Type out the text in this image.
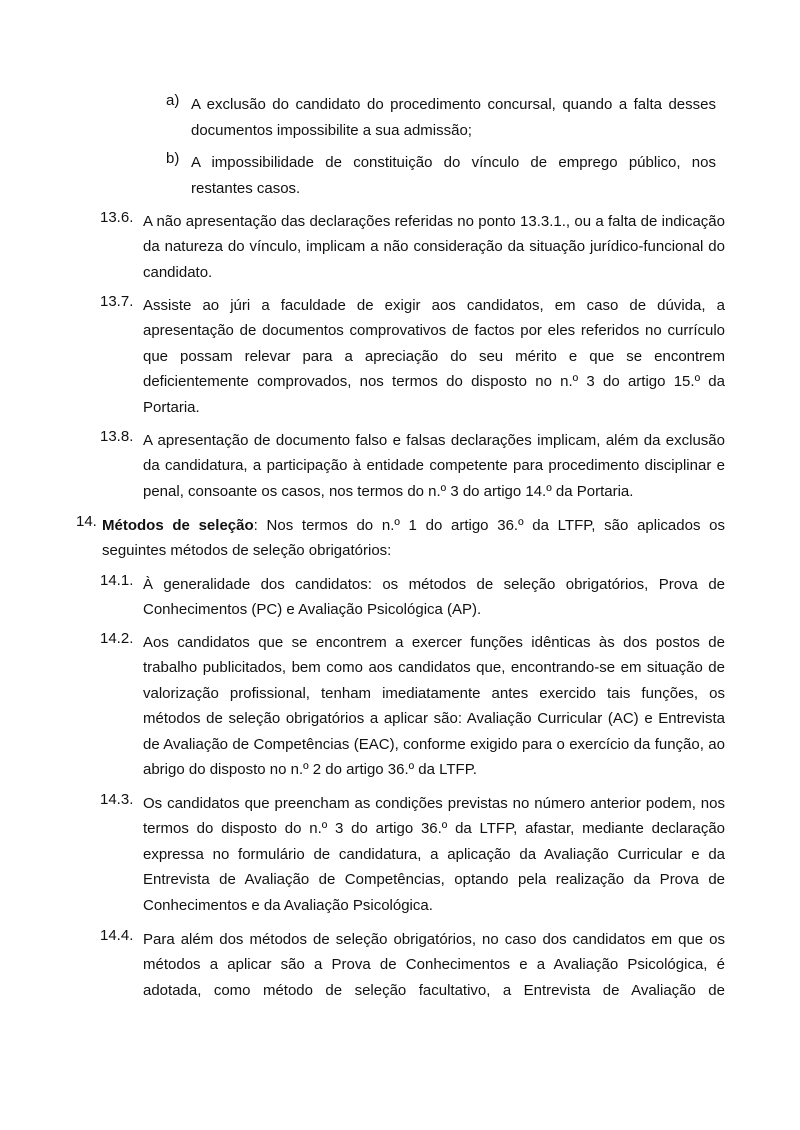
a) A exclusão do candidato do procedimento concursal, quando a falta desses documentos impossibilite a sua admissão;
b) A impossibilidade de constituição do vínculo de emprego público, nos restantes casos.
13.6. A não apresentação das declarações referidas no ponto 13.3.1., ou a falta de indicação da natureza do vínculo, implicam a não consideração da situação jurídico-funcional do candidato.
13.7. Assiste ao júri a faculdade de exigir aos candidatos, em caso de dúvida, a apresentação de documentos comprovativos de factos por eles referidos no currículo que possam relevar para a apreciação do seu mérito e que se encontrem deficientemente comprovados, nos termos do disposto no n.º 3 do artigo 15.º da Portaria.
13.8. A apresentação de documento falso e falsas declarações implicam, além da exclusão da candidatura, a participação à entidade competente para procedimento disciplinar e penal, consoante os casos, nos termos do n.º 3 do artigo 14.º da Portaria.
14. Métodos de seleção: Nos termos do n.º 1 do artigo 36.º da LTFP, são aplicados os seguintes métodos de seleção obrigatórios:
14.1. À generalidade dos candidatos: os métodos de seleção obrigatórios, Prova de Conhecimentos (PC) e Avaliação Psicológica (AP).
14.2. Aos candidatos que se encontrem a exercer funções idênticas às dos postos de trabalho publicitados, bem como aos candidatos que, encontrando-se em situação de valorização profissional, tenham imediatamente antes exercido tais funções, os métodos de seleção obrigatórios a aplicar são: Avaliação Curricular (AC) e Entrevista de Avaliação de Competências (EAC), conforme exigido para o exercício da função, ao abrigo do disposto no n.º 2 do artigo 36.º da LTFP.
14.3. Os candidatos que preencham as condições previstas no número anterior podem, nos termos do disposto do n.º 3 do artigo 36.º da LTFP, afastar, mediante declaração expressa no formulário de candidatura, a aplicação da Avaliação Curricular e da Entrevista de Avaliação de Competências, optando pela realização da Prova de Conhecimentos e da Avaliação Psicológica.
14.4. Para além dos métodos de seleção obrigatórios, no caso dos candidatos em que os métodos a aplicar são a Prova de Conhecimentos e a Avaliação Psicológica, é adotada, como método de seleção facultativo, a Entrevista de Avaliação de
